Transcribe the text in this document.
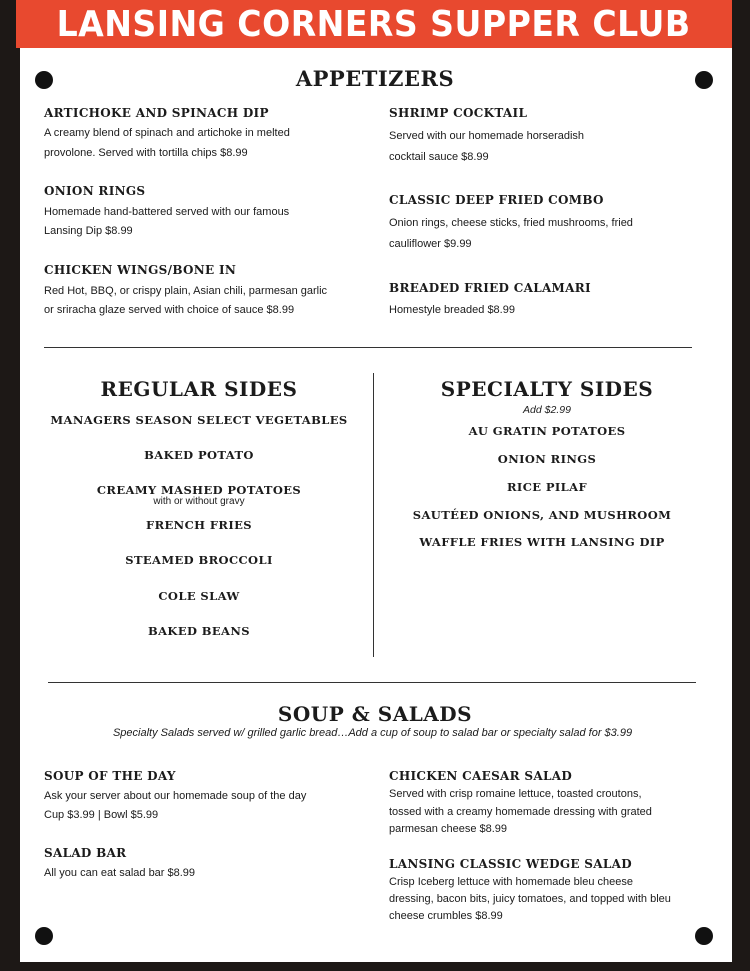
LANSING CORNERS SUPPER CLUB
APPETIZERS
ARTICHOKE AND SPINACH DIP
A creamy blend of spinach and artichoke in melted
provolone. Served with tortilla chips $8.99
ONION RINGS
Homemade hand-battered served with our famous
Lansing Dip $8.99
CHICKEN WINGS/BONE IN
Red Hot, BBQ, or crispy plain, Asian chili, parmesan garlic
or sriracha glaze served with choice of sauce $8.99
SHRIMP COCKTAIL
Served with our homemade horseradish
cocktail sauce $8.99
CLASSIC DEEP FRIED COMBO
Onion rings, cheese sticks, fried mushrooms, fried
cauliflower $9.99
BREADED FRIED CALAMARI
Homestyle breaded $8.99
REGULAR SIDES
MANAGERS SEASON SELECT VEGETABLES
BAKED POTATO
CREAMY MASHED POTATOES
with or without gravy
FRENCH FRIES
STEAMED BROCCOLI
COLE SLAW
BAKED BEANS
SPECIALTY SIDES
Add $2.99
AU GRATIN POTATOES
ONION RINGS
RICE PILAF
SAUTÉED ONIONS, AND MUSHROOM
WAFFLE FRIES WITH LANSING DIP
SOUP & SALADS
Specialty Salads served w/ grilled garlic bread…Add a cup of soup to salad bar or specialty salad for $3.99
SOUP OF THE DAY
Ask your server about our homemade soup of the day
Cup $3.99 | Bowl $5.99
SALAD BAR
All you can eat salad bar $8.99
CHICKEN CAESAR SALAD
Served with crisp romaine lettuce, toasted croutons,
tossed with a creamy homemade dressing with grated
parmesan cheese $8.99
LANSING CLASSIC WEDGE SALAD
Crisp Iceberg lettuce with homemade bleu cheese
dressing, bacon bits, juicy tomatoes, and topped with bleu
cheese crumbles $8.99
